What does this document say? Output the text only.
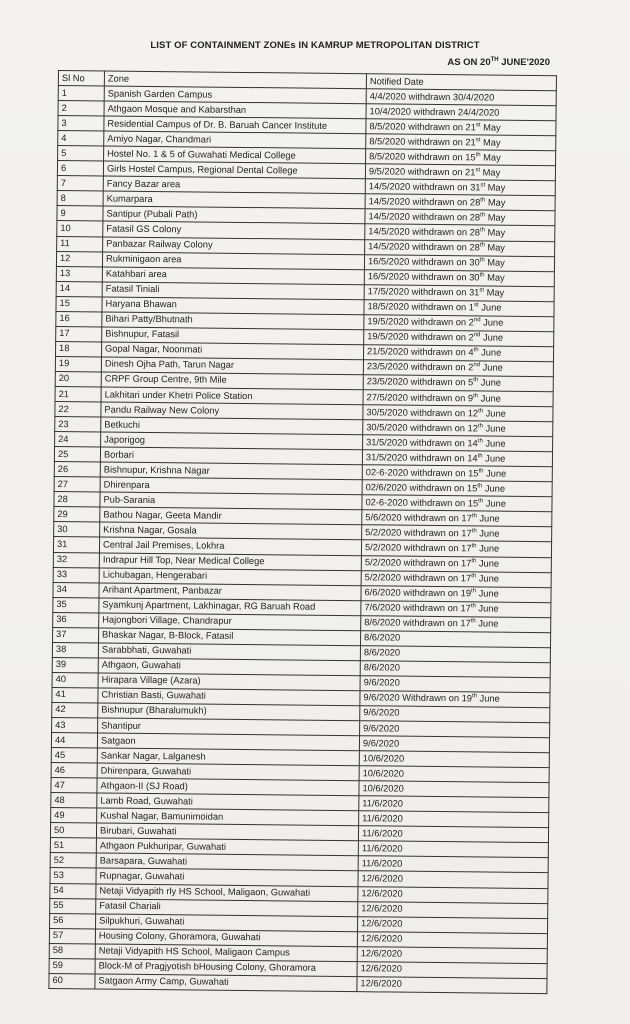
LIST OF CONTAINMENT ZONEs IN KAMRUP METROPOLITAN DISTRICT
AS ON 20TH JUNE'2020
Sl No	Zone	Notified Date
1	Spanish Garden Campus	4/4/2020 withdrawn 30/4/2020
2	Athgaon Mosque and Kabarsthan	10/4/2020 withdrawn 24/4/2020
3	Residential Campus of Dr. B. Baruah Cancer Institute	8/5/2020 withdrawn on 21st May
4	Amiyo Nagar, Chandmari	8/5/2020 withdrawn on 21st May
5	Hostel No. 1 & 5 of Guwahati Medical College	8/5/2020 withdrawn on 15th May
6	Girls Hostel Campus, Regional Dental College	9/5/2020 withdrawn on 21st May
7	Fancy Bazar area	14/5/2020 withdrawn on 31st May
8	Kumarpara	14/5/2020 withdrawn on 28th May
9	Santipur (Pubali Path)	14/5/2020 withdrawn on 28th May
10	Fatasil GS Colony	14/5/2020 withdrawn on 28th May
11	Panbazar Railway Colony	14/5/2020 withdrawn on 28th May
12	Rukminigaon area	16/5/2020 withdrawn on 30th May
13	Katahbari area	16/5/2020 withdrawn on 30th May
14	Fatasil Tiniali	17/5/2020 withdrawn on 31st May
15	Haryana Bhawan	18/5/2020 withdrawn on 1st June
16	Bihari Patty/Bhutnath	19/5/2020 withdrawn on 2nd June
17	Bishnupur, Fatasil	19/5/2020 withdrawn on 2nd June
18	Gopal Nagar, Noonmati	21/5/2020 withdrawn on 4th June
19	Dinesh Ojha Path, Tarun Nagar	23/5/2020 withdrawn on 2nd June
20	CRPF Group Centre, 9th Mile	23/5/2020 withdrawn on 5th June
21	Lakhitari under Khetri Police Station	27/5/2020 withdrawn on 9th June
22	Pandu Railway New Colony	30/5/2020 withdrawn on 12th June
23	Betkuchi	30/5/2020 withdrawn on 12th June
24	Japorigog	31/5/2020 withdrawn on 14th June
25	Borbari	31/5/2020 withdrawn on 14th June
26	Bishnupur, Krishna Nagar	02-6-2020 withdrawn on 15th June
27	Dhirenpara	02/6/2020 withdrawn on 15th June
28	Pub-Sarania	02-6-2020 withdrawn on 15th June
29	Bathou Nagar, Geeta Mandir	5/6/2020 withdrawn on 17th June
30	Krishna Nagar, Gosala	5/2/2020 withdrawn on 17th June
31	Central Jail Premises, Lokhra	5/2/2020 withdrawn on 17th June
32	Indrapur Hill Top, Near Medical College	5/2/2020 withdrawn on 17th June
33	Lichubagan, Hengerabari	5/2/2020 withdrawn on 17th June
34	Arihant Apartment, Panbazar	6/6/2020 withdrawn on 19th June
35	Syamkunj Apartment, Lakhinagar, RG Baruah Road	7/6/2020 withdrawn on 17th June
36	Hajongbori Village, Chandrapur	8/6/2020 withdrawn on 17th June
37	Bhaskar Nagar, B-Block, Fatasil	8/6/2020
38	Sarabbhati, Guwahati	8/6/2020
39	Athgaon, Guwahati	8/6/2020
40	Hirapara Village (Azara)	9/6/2020
41	Christian Basti, Guwahati	9/6/2020 Withdrawn on 19th June
42	Bishnupur (Bharalumukh)	9/6/2020
43	Shantipur	9/6/2020
44	Satgaon	9/6/2020
45	Sankar Nagar, Lalganesh	10/6/2020
46	Dhirenpara, Guwahati	10/6/2020
47	Athgaon-II (SJ Road)	10/6/2020
48	Lamb Road, Guwahati	11/6/2020
49	Kushal Nagar, Bamunimoidan	11/6/2020
50	Birubari, Guwahati	11/6/2020
51	Athgaon Pukhuripar, Guwahati	11/6/2020
52	Barsapara, Guwahati	11/6/2020
53	Rupnagar, Guwahati	12/6/2020
54	Netaji Vidyapith rly HS School, Maligaon, Guwahati	12/6/2020
55	Fatasil Chariali	12/6/2020
56	Silpukhuri, Guwahati	12/6/2020
57	Housing Colony, Ghoramora, Guwahati	12/6/2020
58	Netaji Vidyapith HS School, Maligaon Campus	12/6/2020
59	Block-M of Pragjyotish bHousing Colony, Ghoramora	12/6/2020
60	Satgaon Army Camp, Guwahati	12/6/2020
